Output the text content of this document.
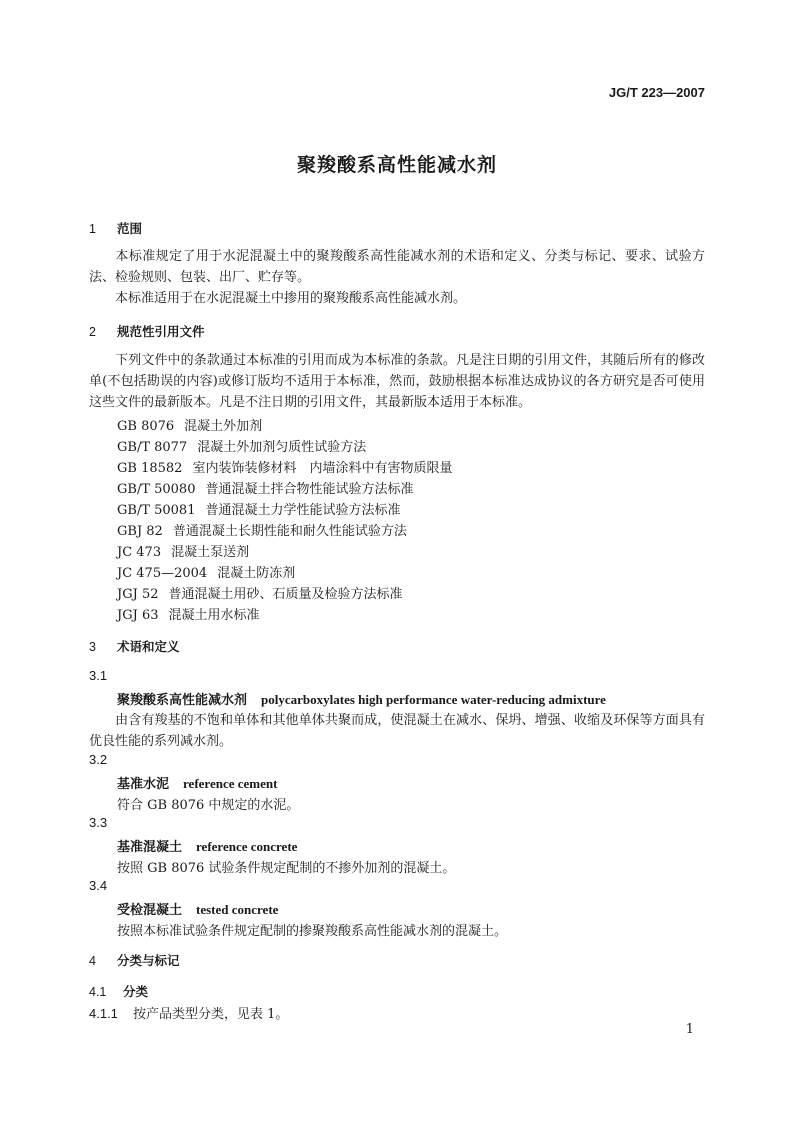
JG/T 223—2007
聚羧酸系高性能减水剂
1 范围
本标准规定了用于水泥混凝土中的聚羧酸系高性能减水剂的术语和定义、分类与标记、要求、试验方法、检验规则、包装、出厂、贮存等。
本标准适用于在水泥混凝土中掺用的聚羧酸系高性能减水剂。
2 规范性引用文件
下列文件中的条款通过本标准的引用而成为本标准的条款。凡是注日期的引用文件，其随后所有的修改单(不包括勘误的内容)或修订版均不适用于本标准，然而，鼓励根据本标准达成协议的各方研究是否可使用这些文件的最新版本。凡是不注日期的引用文件，其最新版本适用于本标准。
GB 8076 混凝土外加剂
GB/T 8077 混凝土外加剂匀质性试验方法
GB 18582 室内装饰装修材料　内墙涂料中有害物质限量
GB/T 50080 普通混凝土拌合物性能试验方法标准
GB/T 50081 普通混凝土力学性能试验方法标准
GBJ 82 普通混凝土长期性能和耐久性能试验方法
JC 473 混凝土泵送剂
JC 475—2004 混凝土防冻剂
JGJ 52 普通混凝土用砂、石质量及检验方法标准
JGJ 63 混凝土用水标准
3 术语和定义
3.1
聚羧酸系高性能减水剂 polycarboxylates high performance water-reducing admixture
由含有羧基的不饱和单体和其他单体共聚而成，使混凝土在减水、保坍、增强、收缩及环保等方面具有优良性能的系列减水剂。
3.2
基准水泥 reference cement
符合 GB 8076 中规定的水泥。
3.3
基准混凝土 reference concrete
按照 GB 8076 试验条件规定配制的不掺外加剂的混凝土。
3.4
受检混凝土 tested concrete
按照本标准试验条件规定配制的掺聚羧酸系高性能减水剂的混凝土。
4 分类与标记
4.1 分类
4.1.1 按产品类型分类，见表 1。
1
